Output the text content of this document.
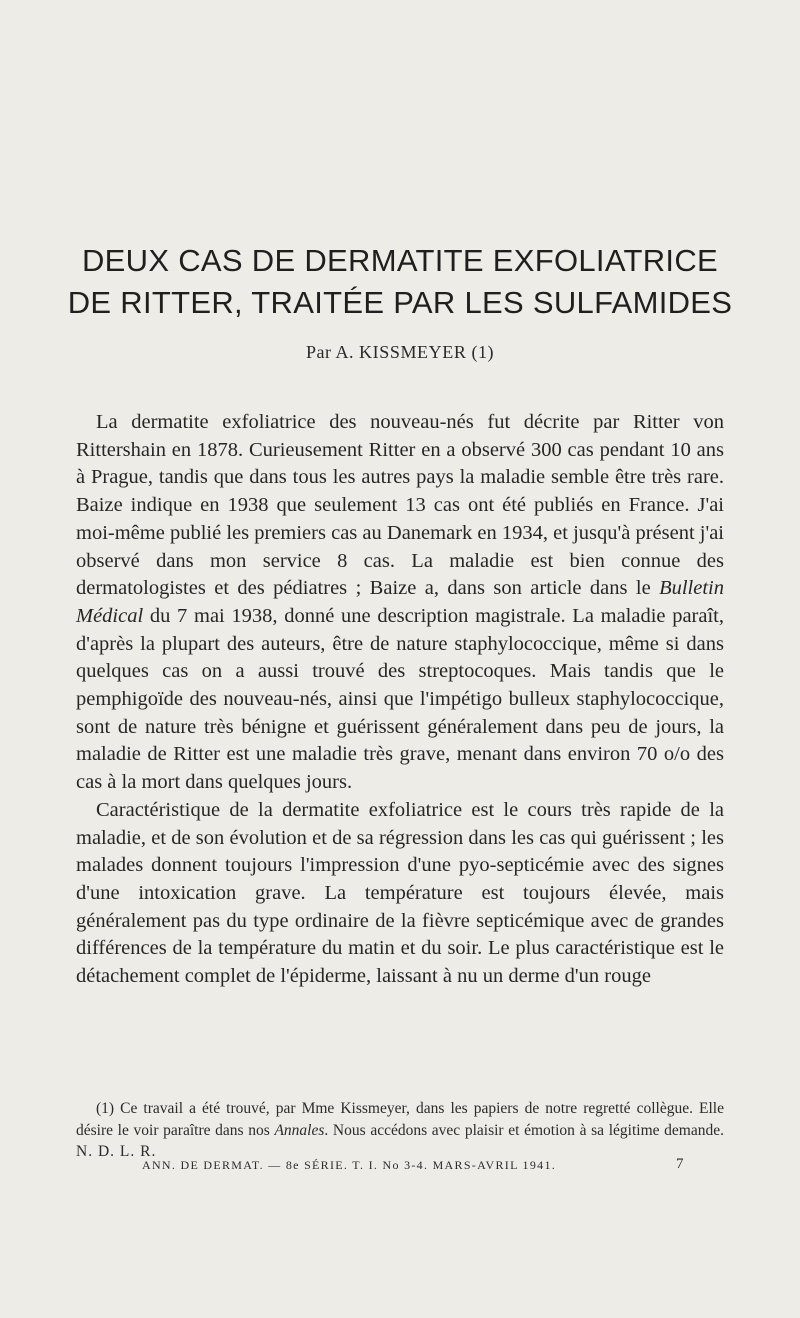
DEUX CAS DE DERMATITE EXFOLIATRICE
DE RITTER, TRAITÉE PAR LES SULFAMIDES
Par A. KISSMEYER (1)

La dermatite exfoliatrice des nouveau-nés fut décrite par Ritter von Rittershain en 1878. Curieusement Ritter en a observé 300 cas pendant 10 ans à Prague, tandis que dans tous les autres pays la maladie semble être très rare. Baize indique en 1938 que seulement 13 cas ont été publiés en France. J'ai moi-même publié les premiers cas au Danemark en 1934, et jusqu'à présent j'ai observé dans mon service 8 cas. La maladie est bien connue des dermatologistes et des pédiatres ; Baize a, dans son article dans le Bulletin Médical du 7 mai 1938, donné une description magistrale. La maladie paraît, d'après la plupart des auteurs, être de nature staphylococcique, même si dans quelques cas on a aussi trouvé des streptocoques. Mais tandis que le pemphigoïde des nouveau-nés, ainsi que l'impétigo bulleux staphylococcique, sont de nature très bénigne et guérissent généralement dans peu de jours, la maladie de Ritter est une maladie très grave, menant dans environ 70 o/o des cas à la mort dans quelques jours.

Caractéristique de la dermatite exfoliatrice est le cours très rapide de la maladie, et de son évolution et de sa régression dans les cas qui guérissent ; les malades donnent toujours l'impression d'une pyo-septicémie avec des signes d'une intoxication grave. La température est toujours élevée, mais généralement pas du type ordinaire de la fièvre septicémique avec de grandes différences de la température du matin et du soir. Le plus caractéristique est le détachement complet de l'épiderme, laissant à nu un derme d'un rouge

(1) Ce travail a été trouvé, par Mme Kissmeyer, dans les papiers de notre regretté collègue. Elle désire le voir paraître dans nos Annales. Nous accédons avec plaisir et émotion à sa légitime demande. N. D. L. R.
ANN. DE DERMAT. — 8e SÉRIE. T. I. No 3-4. MARS-AVRIL 1941.	7
